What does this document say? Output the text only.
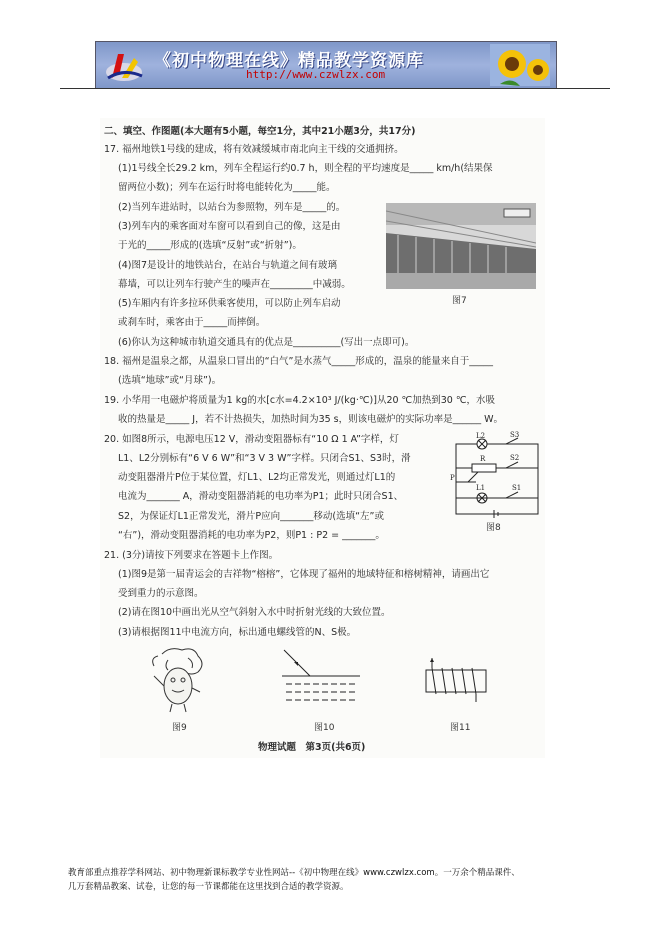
《初中物理在线》精品教学资源库
http://www.czwlzx.com
二、填空、作图题(本大题有5小题，每空1分，其中21小题3分，共17分)
17. 福州地铁1号线的建成，将有效减缓城市南北向主干线的交通拥挤。
(1)1号线全长29.2 km，列车全程运行约0.7 h，则全程的平均速度是_____ km/h(结果保
留两位小数)；列车在运行时将电能转化为_____能。
(2)当列车进站时，以站台为参照物，列车是_____的。
(3)列车内的乘客面对车窗可以看到自己的像，这是由
于光的_____形成的(选填“反射”或“折射”)。
(4)图7是设计的地铁站台，在站台与轨道之间有玻璃
幕墙，可以让列车行驶产生的噪声在_________中减弱。
(5)车厢内有许多拉环供乘客使用，可以防止列车启动
或刹车时，乘客由于_____而摔倒。
(6)你认为这种城市轨道交通具有的优点是__________(写出一点即可)。
图7
18. 福州是温泉之都，从温泉口冒出的“白气”是水蒸气_____形成的，温泉的能量来自于_____
(选填“地球”或“月球”)。
19. 小华用一电磁炉将质量为1 kg的水[c水=4.2×10³ J/(kg·℃)]从20 ℃加热到30 ℃，水吸
收的热量是_____ J，若不计热损失，加热时间为35 s，则该电磁炉的实际功率是______ W。
20. 如图8所示，电源电压12 V，滑动变阻器标有“10 Ω 1 A”字样，灯
L1、L2分别标有“6 V 6 W”和“3 V 3 W”字样。只闭合S1、S3时，滑
动变阻器滑片P位于某位置，灯L1、L2均正常发光，则通过灯L1的
电流为_______ A，滑动变阻器消耗的电功率为P1；此时只闭合S1、
S2，为保证灯L1正常发光，滑片P应向_______移动(选填“左”或
“右”)，滑动变阻器消耗的电功率为P2，则P1 : P2 = _______。
L2	S3
R	S2
P
L1	S1
图8
21. (3分)请按下列要求在答题卡上作图。
(1)图9是第一届青运会的吉祥物“榕榕”，它体现了福州的地域特征和榕树精神，请画出它
受到重力的示意图。
(2)请在图10中画出光从空气斜射入水中时折射光线的大致位置。
(3)请根据图11中电流方向，标出通电螺线管的N、S极。
图9	图10	图11
物理试题　第3页(共6页)
教育部重点推荐学科网站、初中物理新课标教学专业性网站--《初中物理在线》www.czwlzx.com。一万余个精品课件、
几万套精品教案、试卷，让您的每一节课都能在这里找到合适的教学资源。
